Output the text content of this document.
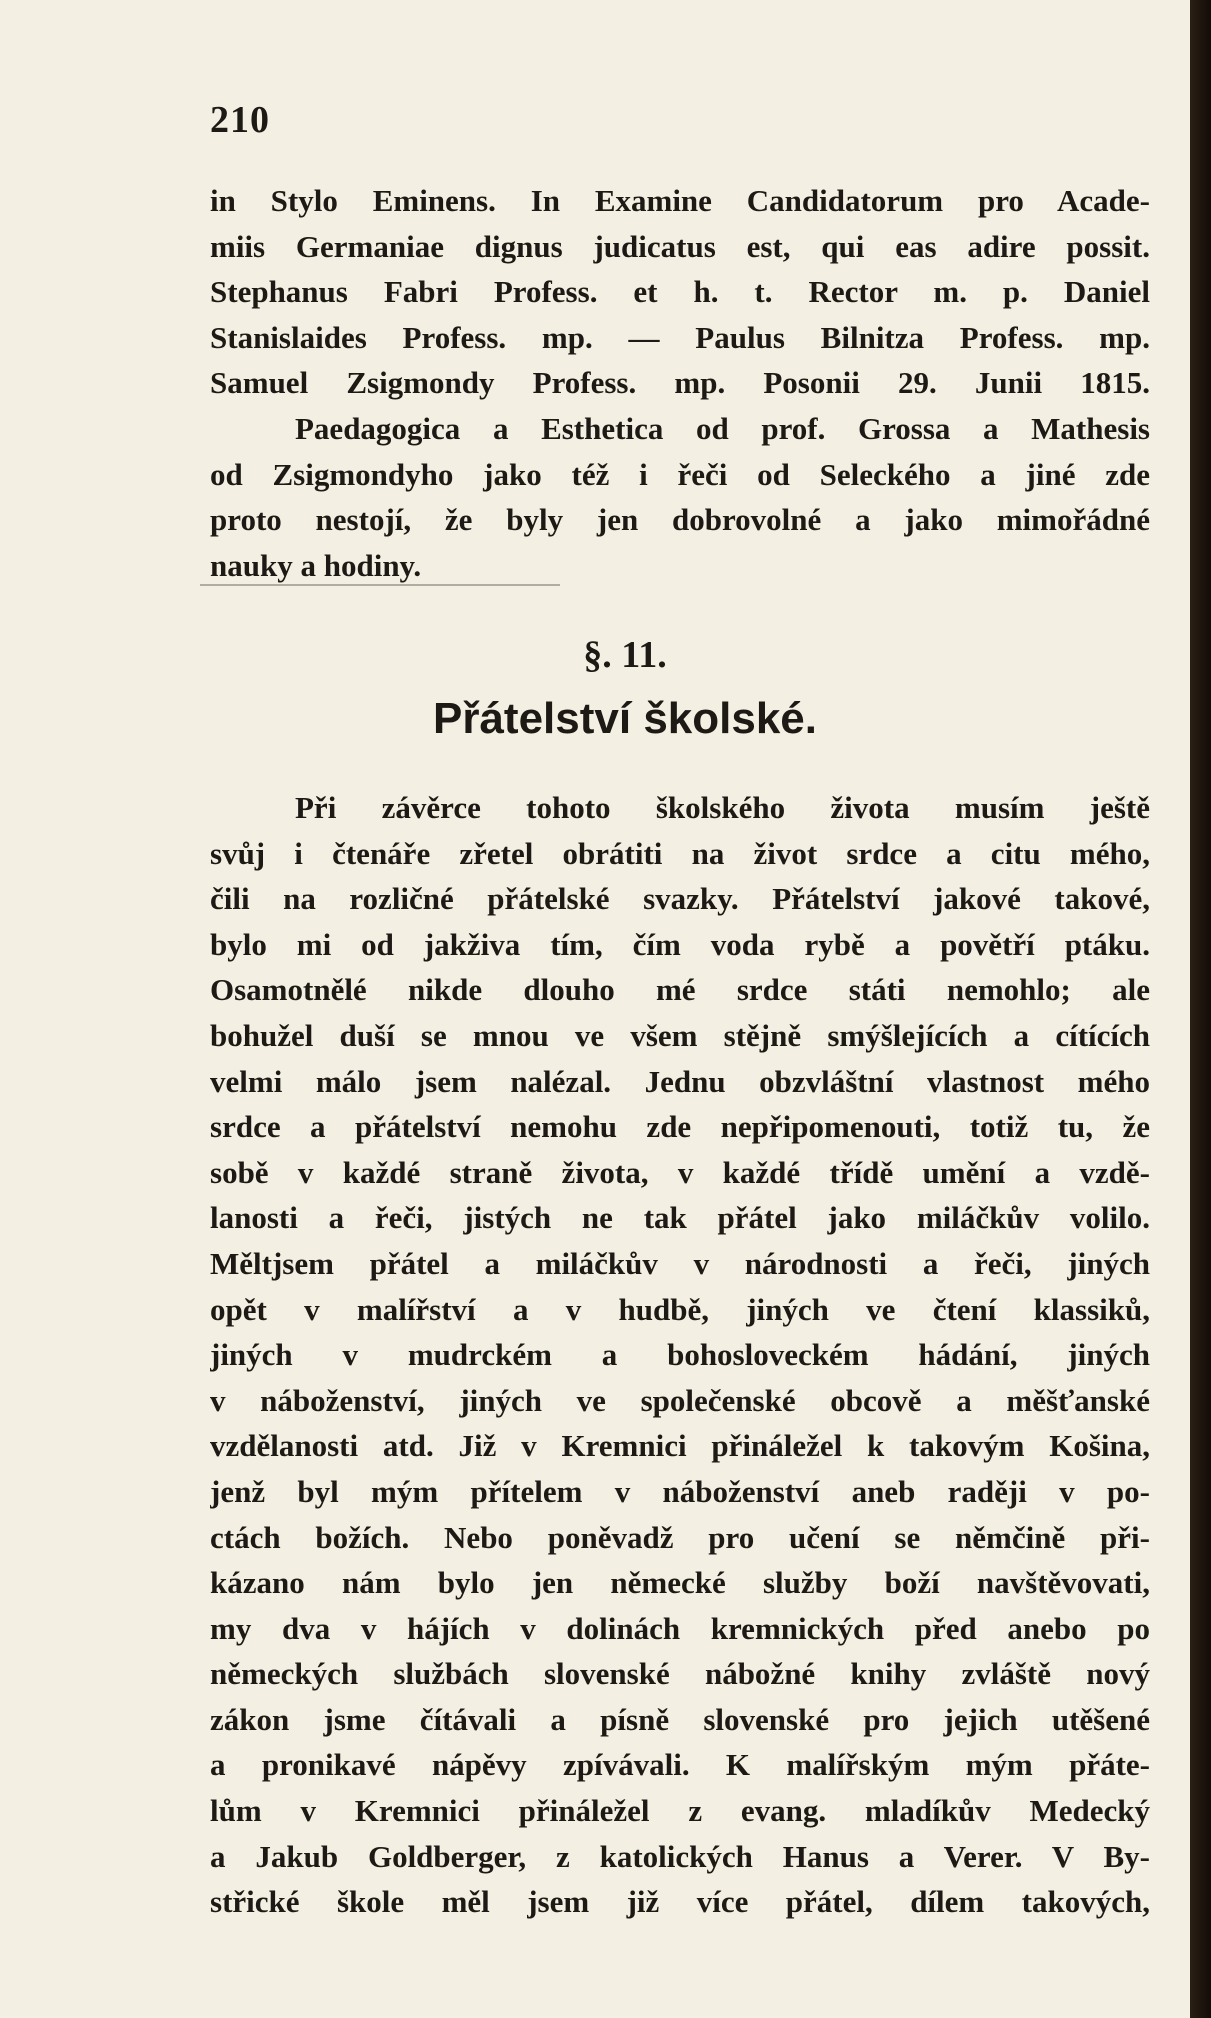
210
in Stylo Eminens. In Examine Candidatorum pro Acade-
miis Germaniae dignus judicatus est, qui eas adire possit.
Stephanus Fabri Profess. et h. t. Rector m. p. Daniel
Stanislaides Profess. mp. — Paulus Bilnitza Profess. mp.
Samuel Zsigmondy Profess. mp. Posonii 29. Junii 1815.
Paedagogica a Esthetica od prof. Grossa a Mathesis
od Zsigmondyho jako též i řeči od Seleckého a jiné zde
proto nestojí, že byly jen dobrovolné a jako mimořádné
nauky a hodiny.
§. 11.
Přátelství školské.
Při závěrce tohoto školského života musím ještě
svůj i čtenáře zřetel obrátiti na život srdce a citu mého,
čili na rozličné přátelské svazky. Přátelství jakové takové,
bylo mi od jakživa tím, čím voda rybě a povětří ptáku.
Osamotnělé nikde dlouho mé srdce státi nemohlo; ale
bohužel duší se mnou ve všem stějně smýšlejících a cítících
velmi málo jsem nalézal. Jednu obzvláštní vlastnost mého
srdce a přátelství nemohu zde nepřipomenouti, totiž tu, že
sobě v každé straně života, v každé třídě umění a vzdě-
lanosti a řeči, jistých ne tak přátel jako miláčkův volilo.
Měltjsem přátel a miláčkův v národnosti a řeči, jiných
opět v malířství a v hudbě, jiných ve čtení klassiků,
jiných v mudrckém a bohosloveckém hádání, jiných
v náboženství, jiných ve společenské obcově a měšťanské
vzdělanosti atd. Již v Kremnici přináležel k takovým Košina,
jenž byl mým přítelem v náboženství aneb raději v po-
ctách božích. Nebo poněvadž pro učení se němčině při-
kázano nám bylo jen německé služby boží navštěvovati,
my dva v hájích v dolinách kremnických před anebo po
německých službách slovenské nábožné knihy zvláště nový
zákon jsme čítávali a písně slovenské pro jejich utěšené
a pronikavé nápěvy zpívávali. K malířským mým přáte-
lům v Kremnici přináležel z evang. mladíkův Medecký
a Jakub Goldberger, z katolických Hanus a Verer. V By-
střické škole měl jsem již více přátel, dílem takových,
